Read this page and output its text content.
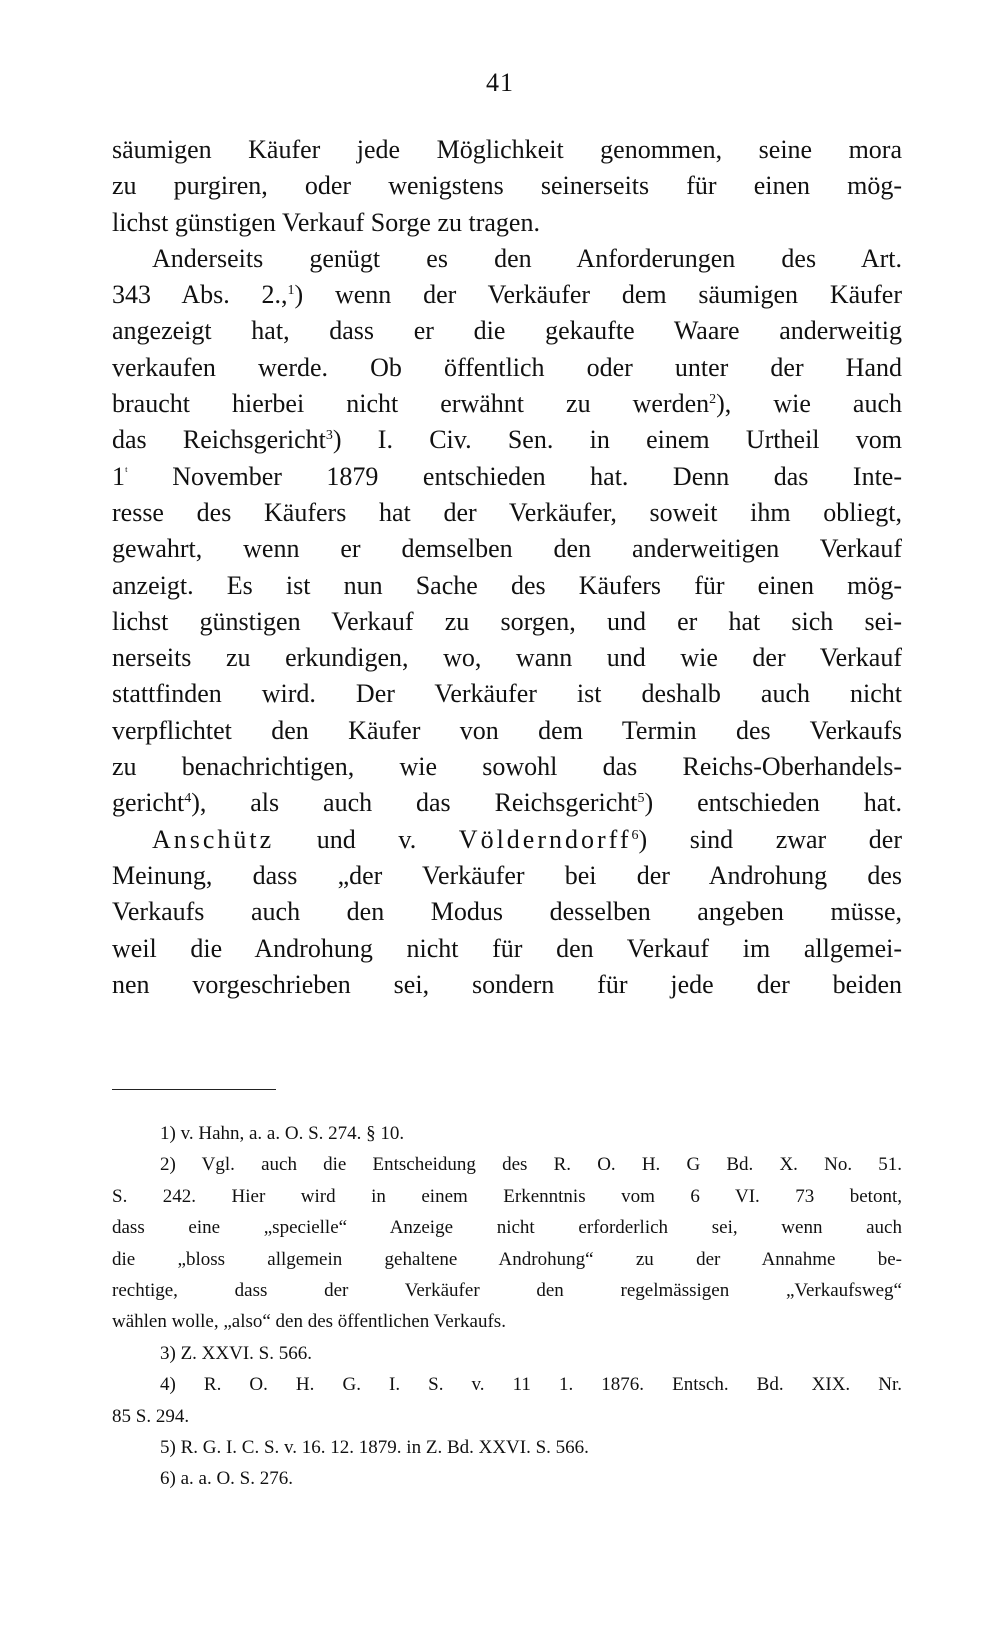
41
säumigen Käufer jede Möglichkeit genommen, seine mora
zu purgiren, oder wenigstens seinerseits für einen mög-
lichst günstigen Verkauf Sorge zu tragen.
Anderseits genügt es den Anforderungen des Art.
343 Abs. 2.,$^1$) wenn der Verkäufer dem säumigen Käufer
angezeigt hat, dass er die gekaufte Waare anderweitig
verkaufen werde. Ob öffentlich oder unter der Hand
braucht hierbei nicht erwähnt zu werden$^2$), wie auch
das Reichsgericht$^3$) I. Civ. Sen. in einem Urtheil vom
$1^ᵗ$ November 1879 entschieden hat. Denn das Inte-
resse des Käufers hat der Verkäufer, soweit ihm obliegt,
gewahrt, wenn er demselben den anderweitigen Verkauf
anzeigt. Es ist nun Sache des Käufers für einen mög-
lichst günstigen Verkauf zu sorgen, und er hat sich sei-
nerseits zu erkundigen, wo, wann und wie der Verkauf
stattfinden wird. Der Verkäufer ist deshalb auch nicht
verpflichtet den Käufer von dem Termin des Verkaufs
zu benachrichtigen, wie sowohl das Reichs-Oberhandels-
gericht$^4$), als auch das Reichsgericht$^5$) entschieden hat.
Anschütz und v. Völderndorff$^6$) sind zwar der
Meinung, dass „der Verkäufer bei der Androhung des
Verkaufs auch den Modus desselben angeben müsse,
weil die Androhung nicht für den Verkauf im allgemei-
nen vorgeschrieben sei, sondern für jede der beiden
1) v. Hahn, a. a. O. S. 274. § 10.
2) Vgl. auch die Entscheidung des R. O. H. G Bd. X. No. 51.
S. 242. Hier wird in einem Erkenntnis vom 6 VI. 73 betont,
dass eine „specielle“ Anzeige nicht erforderlich sei, wenn auch
die „bloss allgemein gehaltene Androhung“ zu der Annahme be-
rechtige, dass der Verkäufer den regelmässigen „Verkaufsweg“
wählen wolle, „also“ den des öffentlichen Verkaufs.
3) Z. XXVI. S. 566.
4) R. O. H. G. I. S. v. 11 1. 1876. Entsch. Bd. XIX. Nr.
85 S. 294.
5) R. G. I. C. S. v. 16. 12. 1879. in Z. Bd. XXVI. S. 566.
6) a. a. O. S. 276.
